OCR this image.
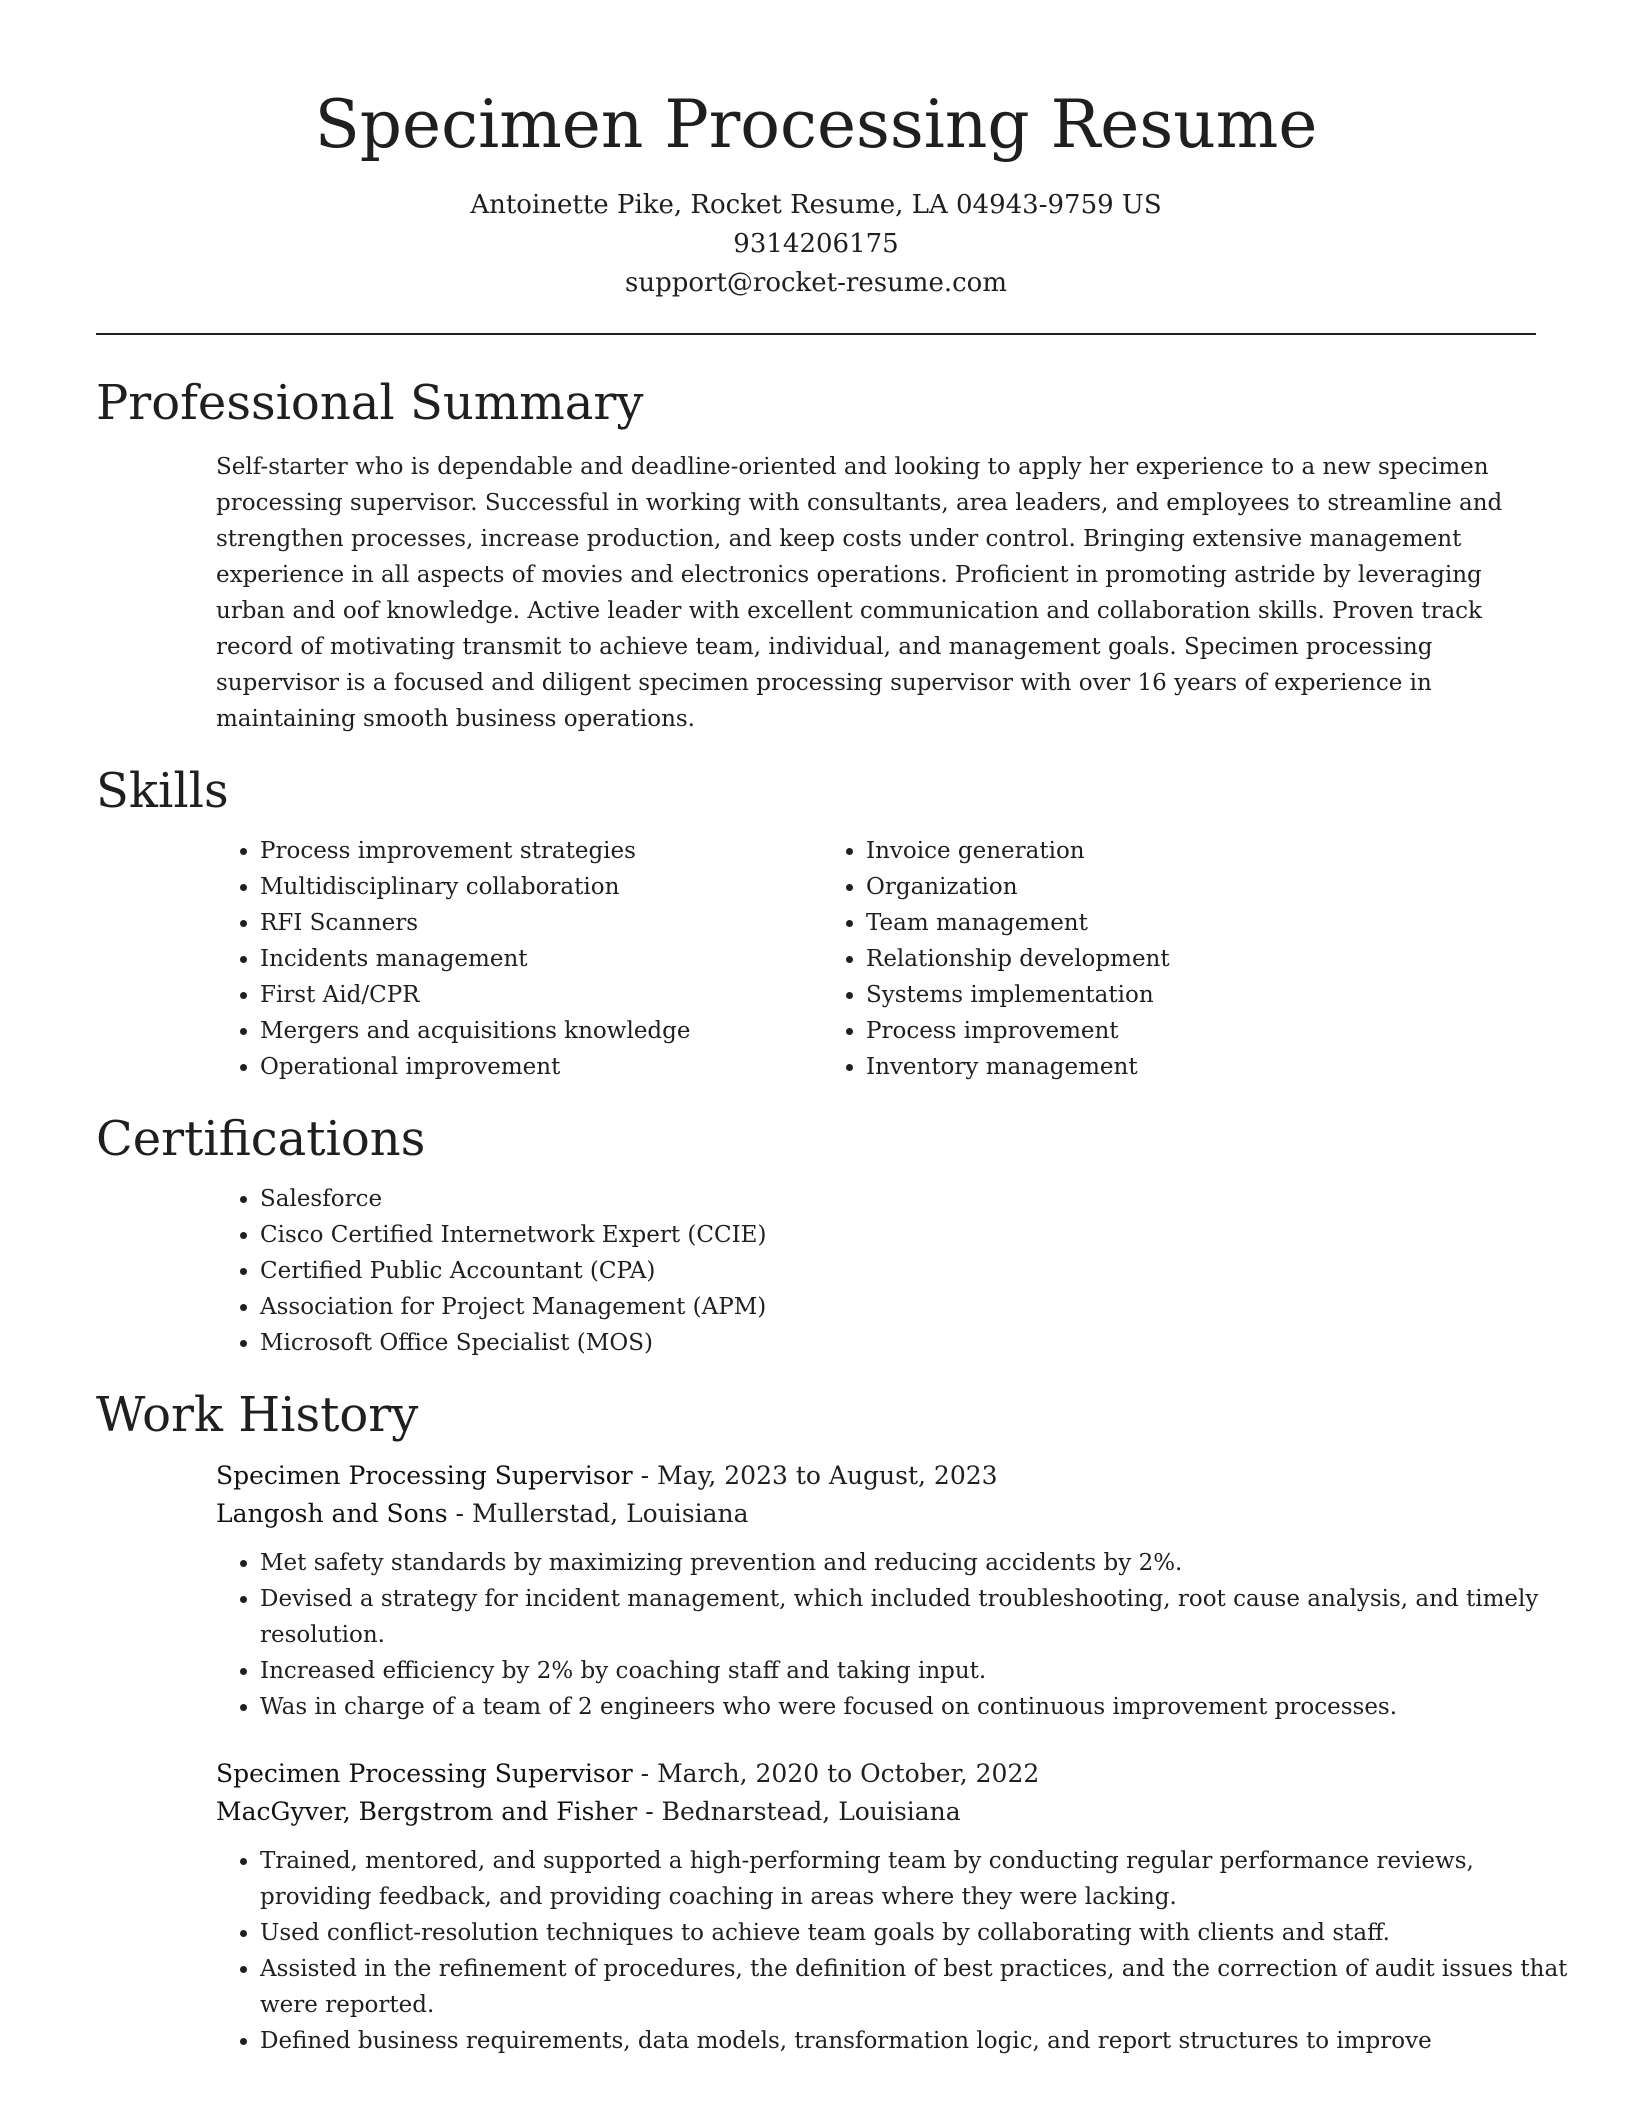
Specimen Processing Resume
Antoinette Pike, Rocket Resume, LA 04943-9759 US
9314206175
support@rocket-resume.com
Professional Summary

Self-starter who is dependable and deadline-oriented and looking to apply her experience to a new specimen processing supervisor. Successful in working with consultants, area leaders, and employees to streamline and strengthen processes, increase production, and keep costs under control. Bringing extensive management experience in all aspects of movies and electronics operations. Proficient in promoting astride by leveraging urban and oof knowledge. Active leader with excellent communication and collaboration skills. Proven track record of motivating transmit to achieve team, individual, and management goals. Specimen processing supervisor is a focused and diligent specimen processing supervisor with over 16 years of experience in maintaining smooth business operations.

Skills
• Process improvement strategies
• Multidisciplinary collaboration
• RFI Scanners
• Incidents management
• First Aid/CPR
• Mergers and acquisitions knowledge
• Operational improvement
• Invoice generation
• Organization
• Team management
• Relationship development
• Systems implementation
• Process improvement
• Inventory management
Certifications
• Salesforce
• Cisco Certified Internetwork Expert (CCIE)
• Certified Public Accountant (CPA)
• Association for Project Management (APM)
• Microsoft Office Specialist (MOS)
Work History
Specimen Processing Supervisor - May, 2023 to August, 2023
Langosh and Sons - Mullerstad, Louisiana
• Met safety standards by maximizing prevention and reducing accidents by 2%.
• Devised a strategy for incident management, which included troubleshooting, root cause analysis, and timely resolution.
• Increased efficiency by 2% by coaching staff and taking input.
• Was in charge of a team of 2 engineers who were focused on continuous improvement processes.
Specimen Processing Supervisor - March, 2020 to October, 2022
MacGyver, Bergstrom and Fisher - Bednarstead, Louisiana
• Trained, mentored, and supported a high-performing team by conducting regular performance reviews, providing feedback, and providing coaching in areas where they were lacking.
• Used conflict-resolution techniques to achieve team goals by collaborating with clients and staff.
• Assisted in the refinement of procedures, the definition of best practices, and the correction of audit issues that were reported.
• Defined business requirements, data models, transformation logic, and report structures to improve
